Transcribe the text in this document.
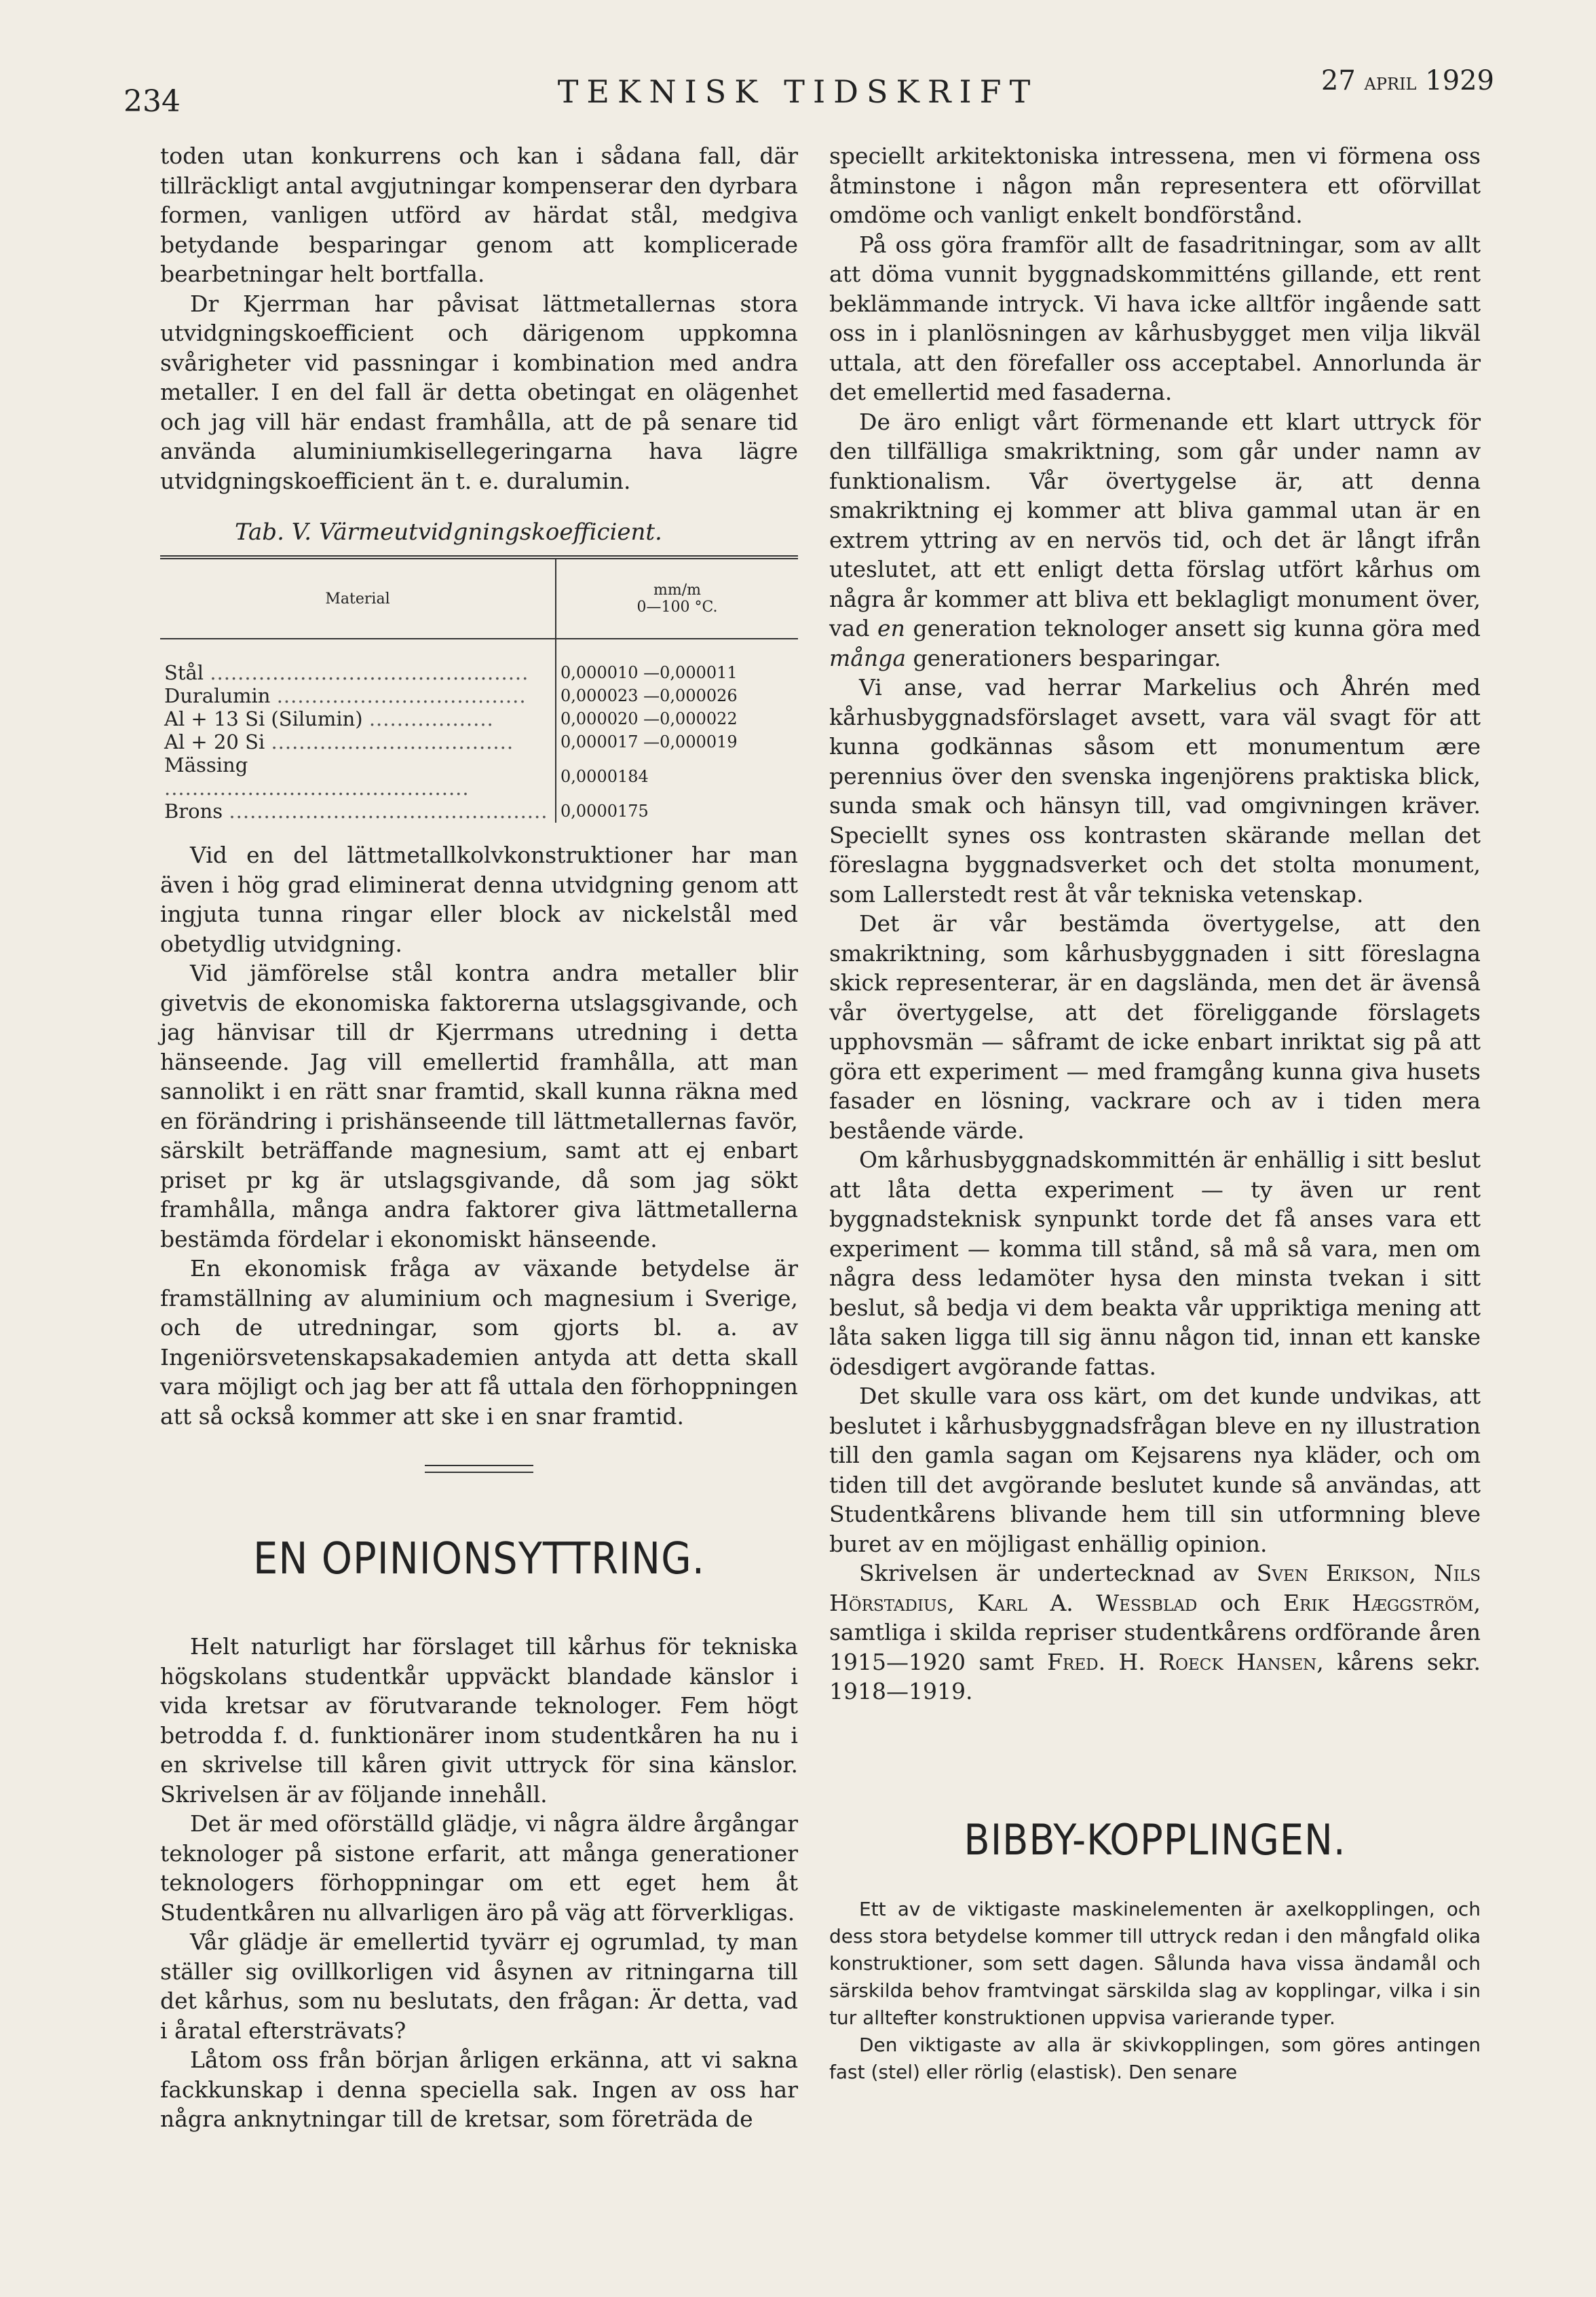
234	TEKNISK TIDSKRIFT	27 april 1929

toden utan konkurrens och kan i sådana fall, där tillräckligt antal avgjutningar kompenserar den dyrbara formen, vanligen utförd av härdat stål, medgiva betydande besparingar genom att komplicerade bearbetningar helt bortfalla.

Dr Kjerrman har påvisat lättmetallernas stora utvidgningskoefficient och därigenom uppkomna svårigheter vid passningar i kombination med andra metaller. I en del fall är detta obetingat en olägenhet och jag vill här endast framhålla, att de på senare tid använda aluminiumkisellegeringarna hava lägre utvidgningskoefficient än t. e. duralumin.

Tab. V. Värmeutvidgningskoefficient.
Material	mm/m
0—100 °C.
Stål ..............................................	0,000010 —0,000011
Duralumin ....................................	0,000023 —0,000026
Al + 13 Si (Silumin) ..................	0,000020 —0,000022
Al + 20 Si ...................................	0,000017 —0,000019
Mässing ............................................	0,0000184
Brons ..............................................	0,0000175

Vid en del lättmetallkolvkonstruktioner har man även i hög grad eliminerat denna utvidgning genom att ingjuta tunna ringar eller block av nickelstål med obetydlig utvidgning.

Vid jämförelse stål kontra andra metaller blir givetvis de ekonomiska faktorerna utslagsgivande, och jag hänvisar till dr Kjerrmans utredning i detta hänseende. Jag vill emellertid framhålla, att man sannolikt i en rätt snar framtid, skall kunna räkna med en förändring i prishänseende till lättmetallernas favör, särskilt beträffande magnesium, samt att ej enbart priset pr kg är utslagsgivande, då som jag sökt framhålla, många andra faktorer giva lättmetallerna bestämda fördelar i ekonomiskt hänseende.

En ekonomisk fråga av växande betydelse är framställning av aluminium och magnesium i Sverige, och de utredningar, som gjorts bl. a. av Ingeniörsvetenskapsakademien antyda att detta skall vara möjligt och jag ber att få uttala den förhoppningen att så också kommer att ske i en snar framtid.

EN OPINIONSYTTRING.

Helt naturligt har förslaget till kårhus för tekniska högskolans studentkår uppväckt blandade känslor i vida kretsar av förutvarande teknologer. Fem högt betrodda f. d. funktionärer inom studentkåren ha nu i en skrivelse till kåren givit uttryck för sina känslor. Skrivelsen är av följande innehåll.

Det är med oförställd glädje, vi några äldre årgångar teknologer på sistone erfarit, att många generationer teknologers förhoppningar om ett eget hem åt Studentkåren nu allvarligen äro på väg att förverkligas.

Vår glädje är emellertid tyvärr ej ogrumlad, ty man ställer sig ovillkorligen vid åsynen av ritningarna till det kårhus, som nu beslutats, den frågan: Är detta, vad i åratal eftersträvats?

Låtom oss från början årligen erkänna, att vi sakna fackkunskap i denna speciella sak. Ingen av oss har några anknytningar till de kretsar, som företräda de

speciellt arkitektoniska intressena, men vi förmena oss åtminstone i någon mån representera ett oförvillat omdöme och vanligt enkelt bondförstånd.

På oss göra framför allt de fasadritningar, som av allt att döma vunnit byggnadskommitténs gillande, ett rent beklämmande intryck. Vi hava icke alltför ingående satt oss in i planlösningen av kårhusbygget men vilja likväl uttala, att den förefaller oss acceptabel. Annorlunda är det emellertid med fasaderna.

De äro enligt vårt förmenande ett klart uttryck för den tillfälliga smakriktning, som går under namn av funktionalism. Vår övertygelse är, att denna smakriktning ej kommer att bliva gammal utan är en extrem yttring av en nervös tid, och det är långt ifrån uteslutet, att ett enligt detta förslag utfört kårhus om några år kommer att bliva ett beklagligt monument över, vad en generation teknologer ansett sig kunna göra med många generationers besparingar.

Vi anse, vad herrar Markelius och Åhrén med kårhusbyggnadsförslaget avsett, vara väl svagt för att kunna godkännas såsom ett monumentum ære perennius över den svenska ingenjörens praktiska blick, sunda smak och hänsyn till, vad omgivningen kräver. Speciellt synes oss kontrasten skärande mellan det föreslagna byggnadsverket och det stolta monument, som Lallerstedt rest åt vår tekniska vetenskap.

Det är vår bestämda övertygelse, att den smakriktning, som kårhusbyggnaden i sitt föreslagna skick representerar, är en dagslända, men det är ävenså vår övertygelse, att det föreliggande förslagets upphovsmän — såframt de icke enbart inriktat sig på att göra ett experiment — med framgång kunna giva husets fasader en lösning, vackrare och av i tiden mera bestående värde.

Om kårhusbyggnadskommittén är enhällig i sitt beslut att låta detta experiment — ty även ur rent byggnadsteknisk synpunkt torde det få anses vara ett experiment — komma till stånd, så må så vara, men om några dess ledamöter hysa den minsta tvekan i sitt beslut, så bedja vi dem beakta vår uppriktiga mening att låta saken ligga till sig ännu någon tid, innan ett kanske ödesdigert avgörande fattas.

Det skulle vara oss kärt, om det kunde undvikas, att beslutet i kårhusbyggnadsfrågan bleve en ny illustration till den gamla sagan om Kejsarens nya kläder, och om tiden till det avgörande beslutet kunde så användas, att Studentkårens blivande hem till sin utformning bleve buret av en möjligast enhällig opinion.

Skrivelsen är undertecknad av Sven Erikson, Nils Hörstadius, Karl A. Wessblad och Erik Hæggström, samtliga i skilda repriser studentkårens ordförande åren 1915—1920 samt Fred. H. Roeck Hansen, kårens sekr. 1918—1919.

BIBBY-KOPPLINGEN.

Ett av de viktigaste maskinelementen är axelkopplingen, och dess stora betydelse kommer till uttryck redan i den mångfald olika konstruktioner, som sett dagen. Sålunda hava vissa ändamål och särskilda behov framtvingat särskilda slag av kopplingar, vilka i sin tur alltefter konstruktionen uppvisa varierande typer.

Den viktigaste av alla är skivkopplingen, som göres antingen fast (stel) eller rörlig (elastisk). Den senare
